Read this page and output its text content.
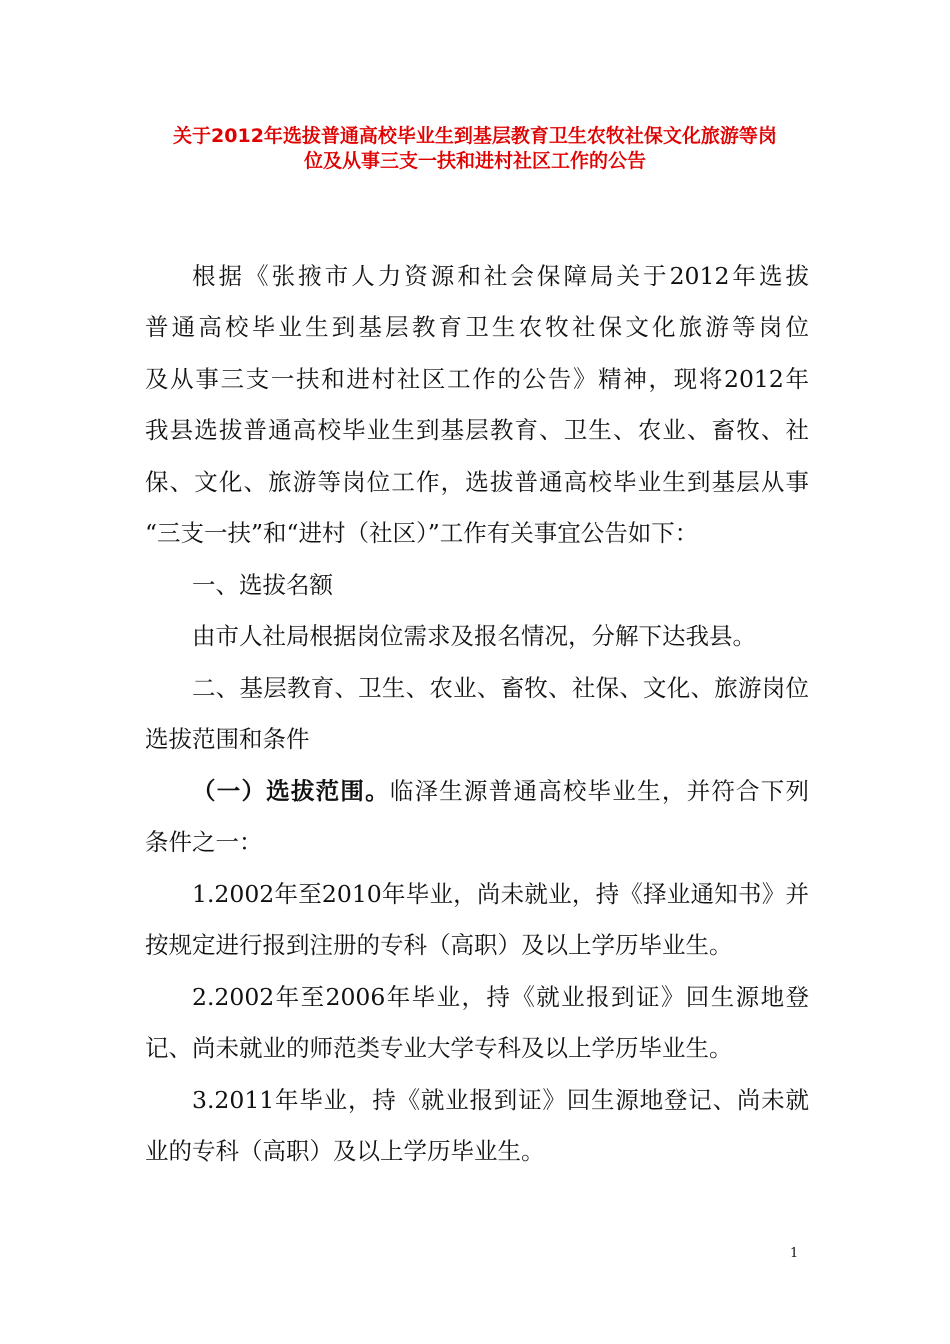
关于2012年选拔普通高校毕业生到基层教育卫生农牧社保文化旅游等岗
位及从事三支一扶和进村社区工作的公告
根据《张掖市人力资源和社会保障局关于2012年选拔
普通高校毕业生到基层教育卫生农牧社保文化旅游等岗位
及从事三支一扶和进村社区工作的公告》精神，现将2012年
我县选拔普通高校毕业生到基层教育、卫生、农业、畜牧、社
保、文化、旅游等岗位工作，选拔普通高校毕业生到基层从事
“三支一扶”和“进村（社区）”工作有关事宜公告如下：
一、选拔名额
由市人社局根据岗位需求及报名情况，分解下达我县。
二、基层教育、卫生、农业、畜牧、社保、文化、旅游岗位
选拔范围和条件
（一）选拔范围。临泽生源普通高校毕业生，并符合下列
条件之一：
1.2002年至2010年毕业，尚未就业，持《择业通知书》并
按规定进行报到注册的专科（高职）及以上学历毕业生。
2.2002年至2006年毕业，持《就业报到证》回生源地登
记、尚未就业的师范类专业大学专科及以上学历毕业生。
3.2011年毕业，持《就业报到证》回生源地登记、尚未就
业的专科（高职）及以上学历毕业生。
1
